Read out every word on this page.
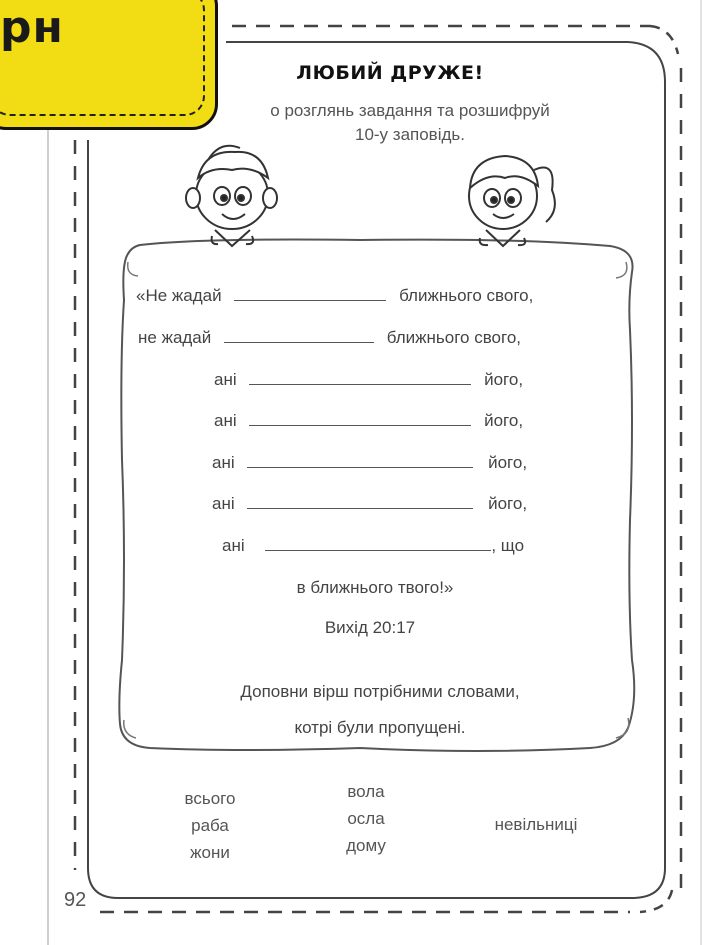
рн
ЛЮБИЙ ДРУЖЕ!
о розглянь завдання та розшифруй
10-у заповідь.
«Не жадай	ближнього свого,
не жадай	ближнього свого,
ані	його,
ані	його,
ані	його,
ані	його,
ані	, що
в ближнього твого!»
Вихід 20:17
Доповни вірш потрібними словами,
котрі були пропущені.
всього
раба
жони
вола
осла
дому
невільниці
92
